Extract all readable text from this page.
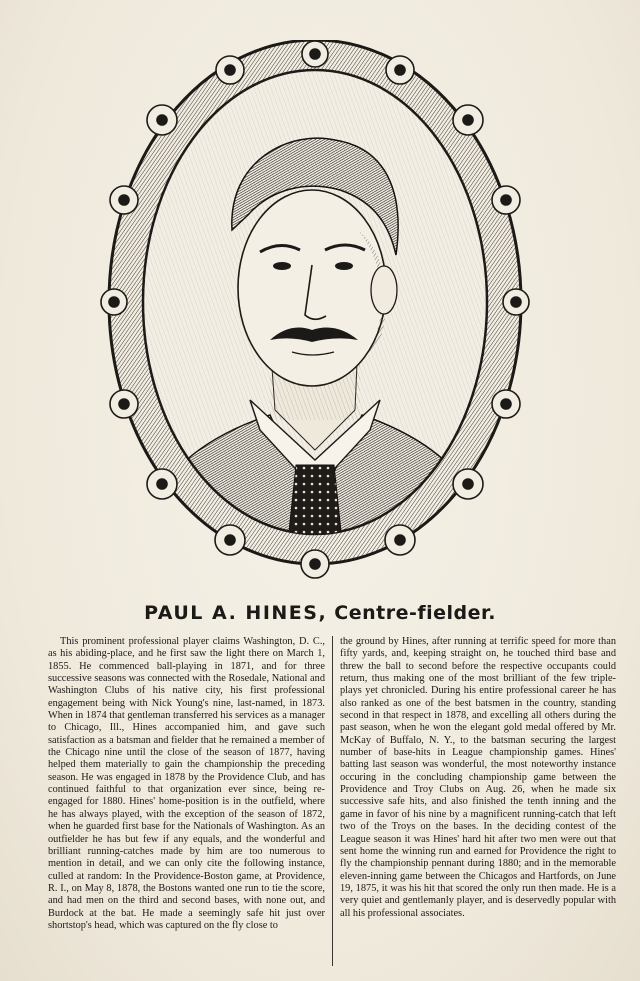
PAUL A. HINES, Centre-fielder.

This prominent professional player claims Washington, D. C., as his abiding-place, and he first saw the light there on March 1, 1855. He commenced ball-playing in 1871, and for three successive seasons was connected with the Rosedale, National and Washington Clubs of his native city, his first professional engagement being with Nick Young's nine, last-named, in 1873. When in 1874 that gentleman transferred his services as a manager to Chicago, Ill., Hines accompanied him, and gave such satisfaction as a batsman and fielder that he remained a member of the Chicago nine until the close of the season of 1877, having helped them materially to gain the championship the preceding season. He was engaged in 1878 by the Providence Club, and has continued faithful to that organization ever since, being re-engaged for 1880. Hines' home-position is in the outfield, where he has always played, with the exception of the season of 1872, when he guarded first base for the Nationals of Washington. As an outfielder he has but few if any equals, and the wonderful and brilliant running-catches made by him are too numerous to mention in detail, and we can only cite the following instance, culled at random: In the Providence-Boston game, at Providence, R. I., on May 8, 1878, the Bostons wanted one run to tie the score, and had men on the third and second bases, with none out, and Burdock at the bat. He made a seemingly safe hit just over shortstop's head, which was captured on the fly close to

the ground by Hines, after running at terrific speed for more than fifty yards, and, keeping straight on, he touched third base and threw the ball to second before the respective occupants could return, thus making one of the most brilliant of the few triple-plays yet chronicled. During his entire professional career he has also ranked as one of the best batsmen in the country, standing second in that respect in 1878, and excelling all others during the past season, when he won the elegant gold medal offered by Mr. McKay of Buffalo, N. Y., to the batsman securing the largest number of base-hits in League championship games. Hines' batting last season was wonderful, the most noteworthy instance occuring in the concluding championship game between the Providence and Troy Clubs on Aug. 26, when he made six successive safe hits, and also finished the tenth inning and the game in favor of his nine by a magnificent running-catch that left two of the Troys on the bases. In the deciding contest of the League season it was Hines' hard hit after two men were out that sent home the winning run and earned for Providence the right to fly the championship pennant during 1880; and in the memorable eleven-inning game between the Chicagos and Hartfords, on June 19, 1875, it was his hit that scored the only run then made. He is a very quiet and gentlemanly player, and is deservedly popular with all his professional associates.
